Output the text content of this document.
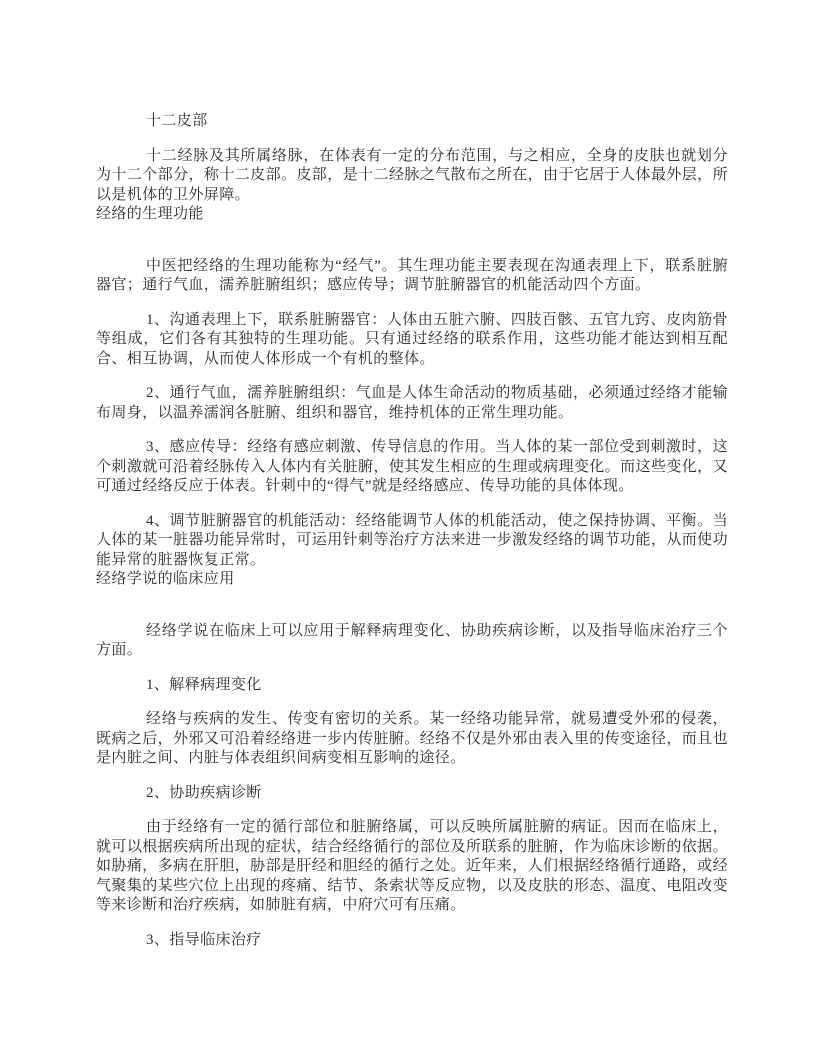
十二皮部

十二经脉及其所属络脉，在体表有一定的分布范围，与之相应，全身的皮肤也就划分为十二个部分，称十二皮部。皮部，是十二经脉之气散布之所在，由于它居于人体最外层，所以是机体的卫外屏障。

经络的生理功能

中医把经络的生理功能称为“经气”。其生理功能主要表现在沟通表理上下，联系脏腑器官；通行气血，濡养脏腑组织；感应传导；调节脏腑器官的机能活动四个方面。

1、沟通表理上下，联系脏腑器官：人体由五脏六腑、四肢百骸、五官九窍、皮肉筋骨等组成，它们各有其独特的生理功能。只有通过经络的联系作用，这些功能才能达到相互配合、相互协调，从而使人体形成一个有机的整体。

2、通行气血，濡养脏腑组织：气血是人体生命活动的物质基础，必须通过经络才能输布周身，以温养濡润各脏腑、组织和器官，维持机体的正常生理功能。

3、感应传导：经络有感应刺激、传导信息的作用。当人体的某一部位受到刺激时，这个刺激就可沿着经脉传入人体内有关脏腑，使其发生相应的生理或病理变化。而这些变化，又可通过经络反应于体表。针刺中的“得气”就是经络感应、传导功能的具体体现。

4、调节脏腑器官的机能活动：经络能调节人体的机能活动，使之保持协调、平衡。当人体的某一脏器功能异常时，可运用针刺等治疗方法来进一步激发经络的调节功能，从而使功能异常的脏器恢复正常。

经络学说的临床应用

经络学说在临床上可以应用于解释病理变化、协助疾病诊断，以及指导临床治疗三个方面。

1、解释病理变化

经络与疾病的发生、传变有密切的关系。某一经络功能异常，就易遭受外邪的侵袭，既病之后，外邪又可沿着经络进一步内传脏腑。经络不仅是外邪由表入里的传变途径，而且也是内脏之间、内脏与体表组织间病变相互影响的途径。

2、协助疾病诊断

由于经络有一定的循行部位和脏腑络属，可以反映所属脏腑的病证。因而在临床上，就可以根据疾病所出现的症状，结合经络循行的部位及所联系的脏腑，作为临床诊断的依据。如胁痛，多病在肝胆，胁部是肝经和胆经的循行之处。近年来，人们根据经络循行通路，或经气聚集的某些穴位上出现的疼痛、结节、条索状等反应物，以及皮肤的形态、温度、电阻改变等来诊断和治疗疾病，如肺脏有病，中府穴可有压痛。

3、指导临床治疗
